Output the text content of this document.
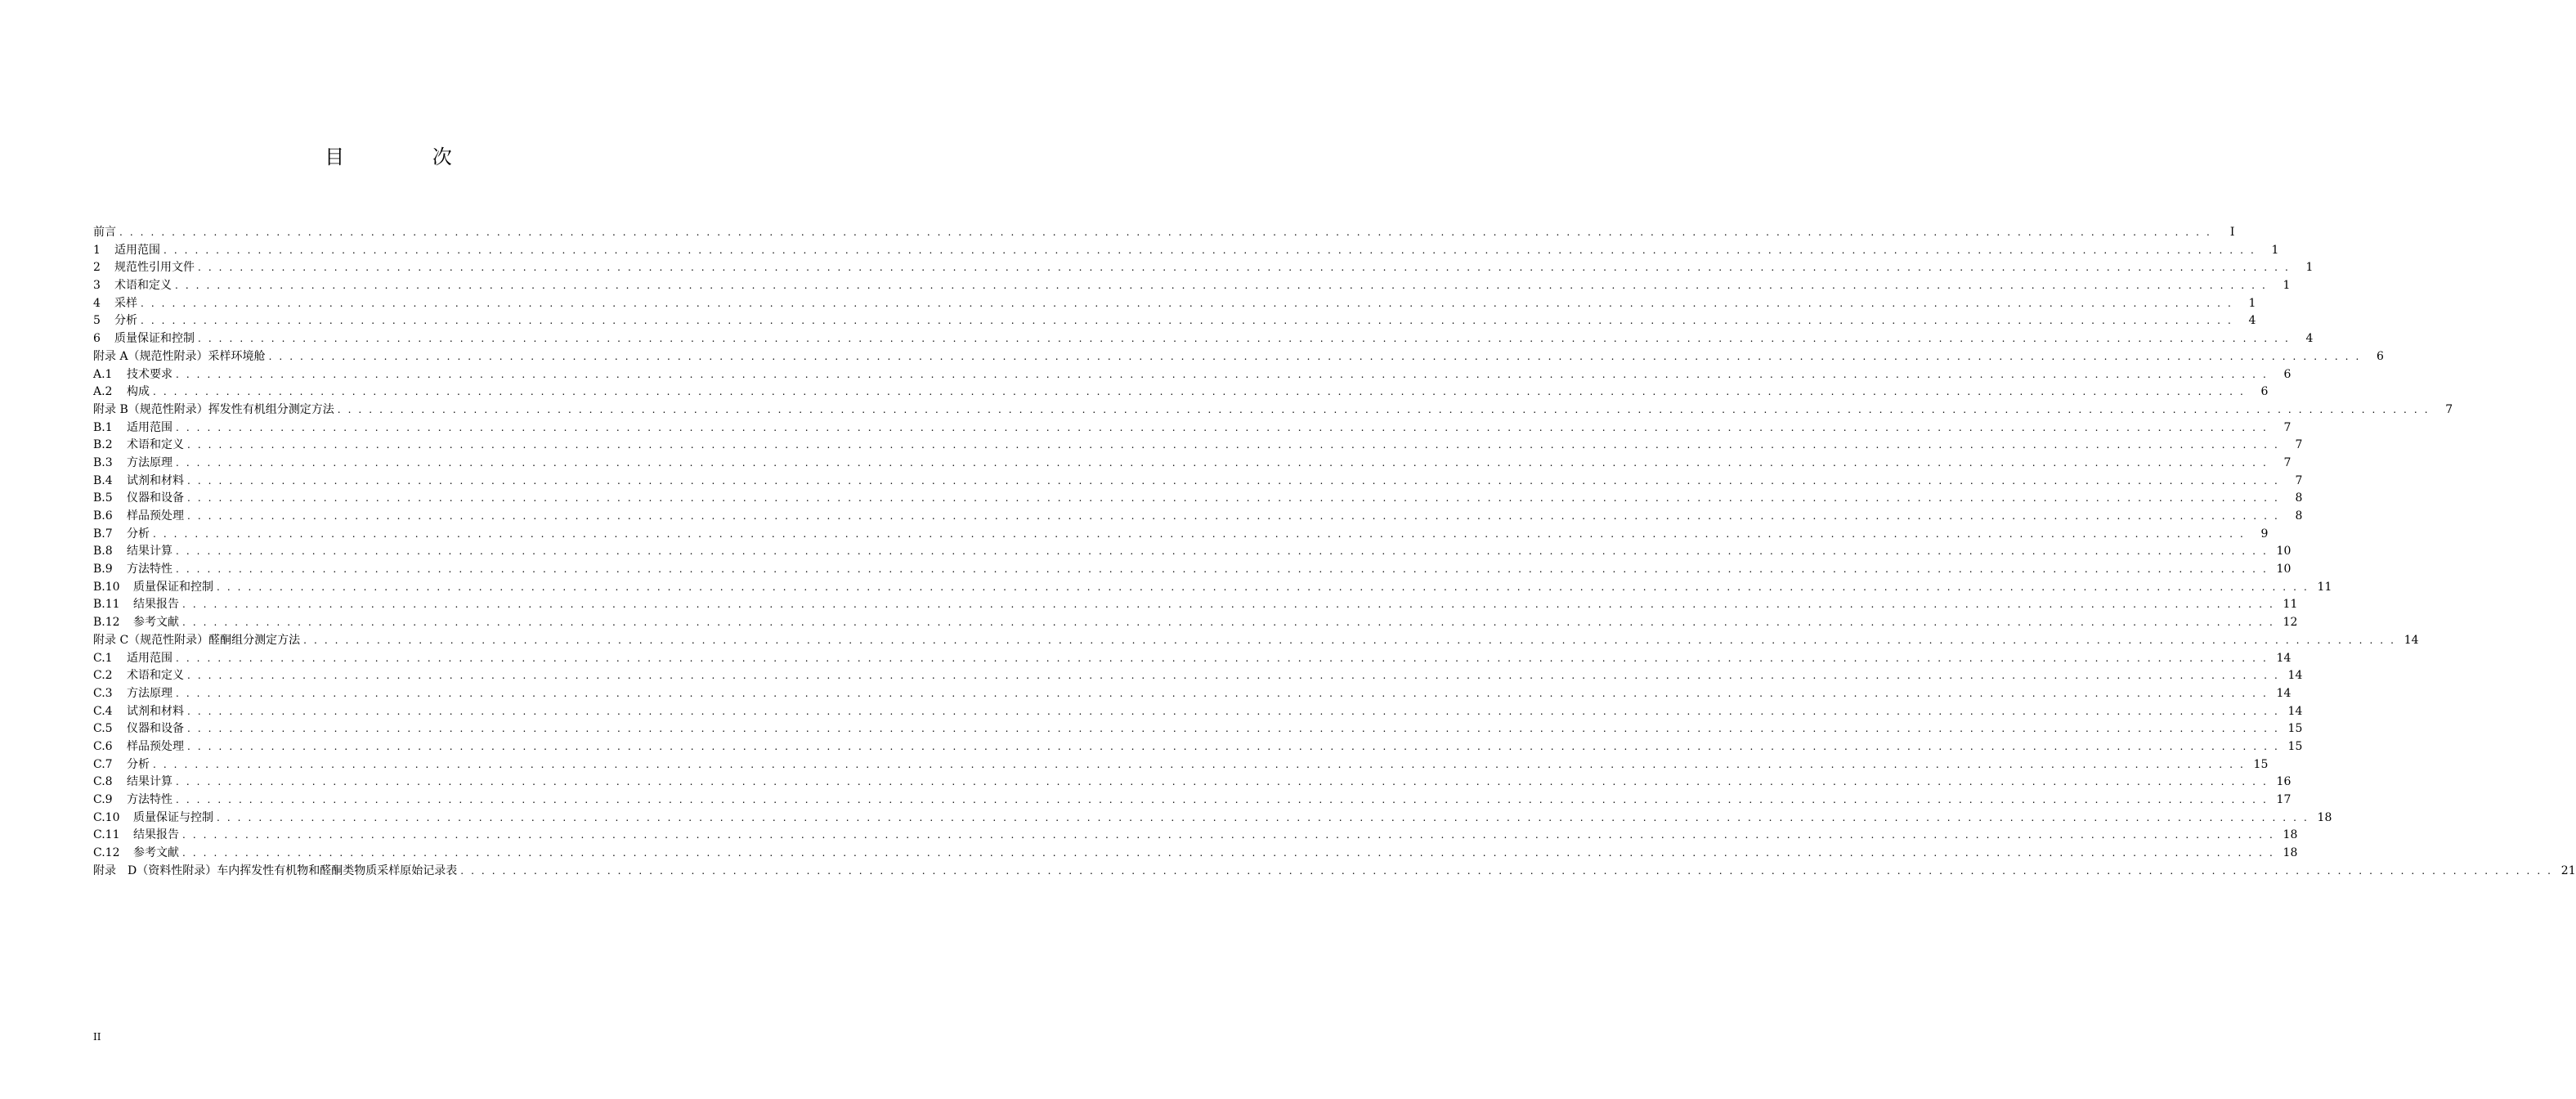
目 次
前言 . . . . . . . . . . . . . . . . . . . . . . . . . . . . . . . . . . . . . . . . . . . . . . . . . . . . . . . . . . . . . . . . . . . . . . . . . . . . . . . . . . . . . . . . . . . . . . . . . . . . . . . . . . . . . . . . . . . . . . . . . . . . . . . . . . . . . . . . . . . . . . . . . . . . . . . . . . . . . . . . . . . . . . . . . . . . . . . . . . . . . . . . . . . . . . . . . . . . . . . .	I
1	适用范围 . . . . . . . . . . . . . . . . . . . . . . . . . . . . . . . . . . . . . . . . . . . . . . . . . . . . . . . . . . . . . . . . . . . . . . . . . . . . . . . . . . . . . . . . . . . . . . . . . . . . . . . . . . . . . . . . . . . . . . . . . . . . . . . . . . . . . . . . . . . . . . . . . . . . . . . . . . . . . . . . . . . . . . . . . . . . . . . . . . . . . . . . . . . . . . . . . . . . . . . .	1
2	规范性引用文件 . . . . . . . . . . . . . . . . . . . . . . . . . . . . . . . . . . . . . . . . . . . . . . . . . . . . . . . . . . . . . . . . . . . . . . . . . . . . . . . . . . . . . . . . . . . . . . . . . . . . . . . . . . . . . . . . . . . . . . . . . . . . . . . . . . . . . . . . . . . . . . . . . . . . . . . . . . . . . . . . . . . . . . . . . . . . . . . . . . . . . . . . . . . . . . . . . . . . . . . .	1
3	术语和定义 . . . . . . . . . . . . . . . . . . . . . . . . . . . . . . . . . . . . . . . . . . . . . . . . . . . . . . . . . . . . . . . . . . . . . . . . . . . . . . . . . . . . . . . . . . . . . . . . . . . . . . . . . . . . . . . . . . . . . . . . . . . . . . . . . . . . . . . . . . . . . . . . . . . . . . . . . . . . . . . . . . . . . . . . . . . . . . . . . . . . . . . . . . . . . . . . . . . . . . . .	1
4	采样 . . . . . . . . . . . . . . . . . . . . . . . . . . . . . . . . . . . . . . . . . . . . . . . . . . . . . . . . . . . . . . . . . . . . . . . . . . . . . . . . . . . . . . . . . . . . . . . . . . . . . . . . . . . . . . . . . . . . . . . . . . . . . . . . . . . . . . . . . . . . . . . . . . . . . . . . . . . . . . . . . . . . . . . . . . . . . . . . . . . . . . . . . . . . . . . . . . . . . . . .	1
5	分析 . . . . . . . . . . . . . . . . . . . . . . . . . . . . . . . . . . . . . . . . . . . . . . . . . . . . . . . . . . . . . . . . . . . . . . . . . . . . . . . . . . . . . . . . . . . . . . . . . . . . . . . . . . . . . . . . . . . . . . . . . . . . . . . . . . . . . . . . . . . . . . . . . . . . . . . . . . . . . . . . . . . . . . . . . . . . . . . . . . . . . . . . . . . . . . . . . . . . . . . .	4
6	质量保证和控制 . . . . . . . . . . . . . . . . . . . . . . . . . . . . . . . . . . . . . . . . . . . . . . . . . . . . . . . . . . . . . . . . . . . . . . . . . . . . . . . . . . . . . . . . . . . . . . . . . . . . . . . . . . . . . . . . . . . . . . . . . . . . . . . . . . . . . . . . . . . . . . . . . . . . . . . . . . . . . . . . . . . . . . . . . . . . . . . . . . . . . . . . . . . . . . . . . . . . . . . .	4
附录 A（规范性附录）采样环境舱 . . . . . . . . . . . . . . . . . . . . . . . . . . . . . . . . . . . . . . . . . . . . . . . . . . . . . . . . . . . . . . . . . . . . . . . . . . . . . . . . . . . . . . . . . . . . . . . . . . . . . . . . . . . . . . . . . . . . . . . . . . . . . . . . . . . . . . . . . . . . . . . . . . . . . . . . . . . . . . . . . . . . . . . . . . . . . . . . . . . . . . . . . . . . . . . . . . . . . . . .	6
A.1	技术要求 . . . . . . . . . . . . . . . . . . . . . . . . . . . . . . . . . . . . . . . . . . . . . . . . . . . . . . . . . . . . . . . . . . . . . . . . . . . . . . . . . . . . . . . . . . . . . . . . . . . . . . . . . . . . . . . . . . . . . . . . . . . . . . . . . . . . . . . . . . . . . . . . . . . . . . . . . . . . . . . . . . . . . . . . . . . . . . . . . . . . . . . . . . . . . . . . . . . . . . . .	6
A.2	构成 . . . . . . . . . . . . . . . . . . . . . . . . . . . . . . . . . . . . . . . . . . . . . . . . . . . . . . . . . . . . . . . . . . . . . . . . . . . . . . . . . . . . . . . . . . . . . . . . . . . . . . . . . . . . . . . . . . . . . . . . . . . . . . . . . . . . . . . . . . . . . . . . . . . . . . . . . . . . . . . . . . . . . . . . . . . . . . . . . . . . . . . . . . . . . . . . . . . . . . . .	6
附录 B（规范性附录）挥发性有机组分测定方法 . . . . . . . . . . . . . . . . . . . . . . . . . . . . . . . . . . . . . . . . . . . . . . . . . . . . . . . . . . . . . . . . . . . . . . . . . . . . . . . . . . . . . . . . . . . . . . . . . . . . . . . . . . . . . . . . . . . . . . . . . . . . . . . . . . . . . . . . . . . . . . . . . . . . . . . . . . . . . . . . . . . . . . . . . . . . . . . . . . . . . . . . . . . . . . . . . . . . . . . .	7
B.1	适用范围 . . . . . . . . . . . . . . . . . . . . . . . . . . . . . . . . . . . . . . . . . . . . . . . . . . . . . . . . . . . . . . . . . . . . . . . . . . . . . . . . . . . . . . . . . . . . . . . . . . . . . . . . . . . . . . . . . . . . . . . . . . . . . . . . . . . . . . . . . . . . . . . . . . . . . . . . . . . . . . . . . . . . . . . . . . . . . . . . . . . . . . . . . . . . . . . . . . . . . . . .	7
B.2	术语和定义 . . . . . . . . . . . . . . . . . . . . . . . . . . . . . . . . . . . . . . . . . . . . . . . . . . . . . . . . . . . . . . . . . . . . . . . . . . . . . . . . . . . . . . . . . . . . . . . . . . . . . . . . . . . . . . . . . . . . . . . . . . . . . . . . . . . . . . . . . . . . . . . . . . . . . . . . . . . . . . . . . . . . . . . . . . . . . . . . . . . . . . . . . . . . . . . . . . . . . . . .	7
B.3	方法原理 . . . . . . . . . . . . . . . . . . . . . . . . . . . . . . . . . . . . . . . . . . . . . . . . . . . . . . . . . . . . . . . . . . . . . . . . . . . . . . . . . . . . . . . . . . . . . . . . . . . . . . . . . . . . . . . . . . . . . . . . . . . . . . . . . . . . . . . . . . . . . . . . . . . . . . . . . . . . . . . . . . . . . . . . . . . . . . . . . . . . . . . . . . . . . . . . . . . . . . . .	7
B.4	试剂和材料 . . . . . . . . . . . . . . . . . . . . . . . . . . . . . . . . . . . . . . . . . . . . . . . . . . . . . . . . . . . . . . . . . . . . . . . . . . . . . . . . . . . . . . . . . . . . . . . . . . . . . . . . . . . . . . . . . . . . . . . . . . . . . . . . . . . . . . . . . . . . . . . . . . . . . . . . . . . . . . . . . . . . . . . . . . . . . . . . . . . . . . . . . . . . . . . . . . . . . . . .	7
B.5	仪器和设备 . . . . . . . . . . . . . . . . . . . . . . . . . . . . . . . . . . . . . . . . . . . . . . . . . . . . . . . . . . . . . . . . . . . . . . . . . . . . . . . . . . . . . . . . . . . . . . . . . . . . . . . . . . . . . . . . . . . . . . . . . . . . . . . . . . . . . . . . . . . . . . . . . . . . . . . . . . . . . . . . . . . . . . . . . . . . . . . . . . . . . . . . . . . . . . . . . . . . . . . .	8
B.6	样品预处理 . . . . . . . . . . . . . . . . . . . . . . . . . . . . . . . . . . . . . . . . . . . . . . . . . . . . . . . . . . . . . . . . . . . . . . . . . . . . . . . . . . . . . . . . . . . . . . . . . . . . . . . . . . . . . . . . . . . . . . . . . . . . . . . . . . . . . . . . . . . . . . . . . . . . . . . . . . . . . . . . . . . . . . . . . . . . . . . . . . . . . . . . . . . . . . . . . . . . . . . .	8
B.7	分析 . . . . . . . . . . . . . . . . . . . . . . . . . . . . . . . . . . . . . . . . . . . . . . . . . . . . . . . . . . . . . . . . . . . . . . . . . . . . . . . . . . . . . . . . . . . . . . . . . . . . . . . . . . . . . . . . . . . . . . . . . . . . . . . . . . . . . . . . . . . . . . . . . . . . . . . . . . . . . . . . . . . . . . . . . . . . . . . . . . . . . . . . . . . . . . . . . . . . . . . .	9
B.8	结果计算 . . . . . . . . . . . . . . . . . . . . . . . . . . . . . . . . . . . . . . . . . . . . . . . . . . . . . . . . . . . . . . . . . . . . . . . . . . . . . . . . . . . . . . . . . . . . . . . . . . . . . . . . . . . . . . . . . . . . . . . . . . . . . . . . . . . . . . . . . . . . . . . . . . . . . . . . . . . . . . . . . . . . . . . . . . . . . . . . . . . . . . . . . . . . . . . . . . . . . . . . 10
B.9	方法特性 . . . . . . . . . . . . . . . . . . . . . . . . . . . . . . . . . . . . . . . . . . . . . . . . . . . . . . . . . . . . . . . . . . . . . . . . . . . . . . . . . . . . . . . . . . . . . . . . . . . . . . . . . . . . . . . . . . . . . . . . . . . . . . . . . . . . . . . . . . . . . . . . . . . . . . . . . . . . . . . . . . . . . . . . . . . . . . . . . . . . . . . . . . . . . . . . . . . . . . . . 10
B.10	质量保证和控制 . . . . . . . . . . . . . . . . . . . . . . . . . . . . . . . . . . . . . . . . . . . . . . . . . . . . . . . . . . . . . . . . . . . . . . . . . . . . . . . . . . . . . . . . . . . . . . . . . . . . . . . . . . . . . . . . . . . . . . . . . . . . . . . . . . . . . . . . . . . . . . . . . . . . . . . . . . . . . . . . . . . . . . . . . . . . . . . . . . . . . . . . . . . . . . . . . . . . . . . . 11
B.11	结果报告 . . . . . . . . . . . . . . . . . . . . . . . . . . . . . . . . . . . . . . . . . . . . . . . . . . . . . . . . . . . . . . . . . . . . . . . . . . . . . . . . . . . . . . . . . . . . . . . . . . . . . . . . . . . . . . . . . . . . . . . . . . . . . . . . . . . . . . . . . . . . . . . . . . . . . . . . . . . . . . . . . . . . . . . . . . . . . . . . . . . . . . . . . . . . . . . . . . . . . . . . 11
B.12	参考文献 . . . . . . . . . . . . . . . . . . . . . . . . . . . . . . . . . . . . . . . . . . . . . . . . . . . . . . . . . . . . . . . . . . . . . . . . . . . . . . . . . . . . . . . . . . . . . . . . . . . . . . . . . . . . . . . . . . . . . . . . . . . . . . . . . . . . . . . . . . . . . . . . . . . . . . . . . . . . . . . . . . . . . . . . . . . . . . . . . . . . . . . . . . . . . . . . . . . . . . . . 12
附录 C（规范性附录）醛酮组分测定方法 . . . . . . . . . . . . . . . . . . . . . . . . . . . . . . . . . . . . . . . . . . . . . . . . . . . . . . . . . . . . . . . . . . . . . . . . . . . . . . . . . . . . . . . . . . . . . . . . . . . . . . . . . . . . . . . . . . . . . . . . . . . . . . . . . . . . . . . . . . . . . . . . . . . . . . . . . . . . . . . . . . . . . . . . . . . . . . . . . . . . . . . . . . . . . . . . . . . . . . . . 14
C.1	适用范围 . . . . . . . . . . . . . . . . . . . . . . . . . . . . . . . . . . . . . . . . . . . . . . . . . . . . . . . . . . . . . . . . . . . . . . . . . . . . . . . . . . . . . . . . . . . . . . . . . . . . . . . . . . . . . . . . . . . . . . . . . . . . . . . . . . . . . . . . . . . . . . . . . . . . . . . . . . . . . . . . . . . . . . . . . . . . . . . . . . . . . . . . . . . . . . . . . . . . . . . . 14
C.2	术语和定义 . . . . . . . . . . . . . . . . . . . . . . . . . . . . . . . . . . . . . . . . . . . . . . . . . . . . . . . . . . . . . . . . . . . . . . . . . . . . . . . . . . . . . . . . . . . . . . . . . . . . . . . . . . . . . . . . . . . . . . . . . . . . . . . . . . . . . . . . . . . . . . . . . . . . . . . . . . . . . . . . . . . . . . . . . . . . . . . . . . . . . . . . . . . . . . . . . . . . . . . . 14
C.3	方法原理 . . . . . . . . . . . . . . . . . . . . . . . . . . . . . . . . . . . . . . . . . . . . . . . . . . . . . . . . . . . . . . . . . . . . . . . . . . . . . . . . . . . . . . . . . . . . . . . . . . . . . . . . . . . . . . . . . . . . . . . . . . . . . . . . . . . . . . . . . . . . . . . . . . . . . . . . . . . . . . . . . . . . . . . . . . . . . . . . . . . . . . . . . . . . . . . . . . . . . . . . 14
C.4	试剂和材料 . . . . . . . . . . . . . . . . . . . . . . . . . . . . . . . . . . . . . . . . . . . . . . . . . . . . . . . . . . . . . . . . . . . . . . . . . . . . . . . . . . . . . . . . . . . . . . . . . . . . . . . . . . . . . . . . . . . . . . . . . . . . . . . . . . . . . . . . . . . . . . . . . . . . . . . . . . . . . . . . . . . . . . . . . . . . . . . . . . . . . . . . . . . . . . . . . . . . . . . . 14
C.5	仪器和设备 . . . . . . . . . . . . . . . . . . . . . . . . . . . . . . . . . . . . . . . . . . . . . . . . . . . . . . . . . . . . . . . . . . . . . . . . . . . . . . . . . . . . . . . . . . . . . . . . . . . . . . . . . . . . . . . . . . . . . . . . . . . . . . . . . . . . . . . . . . . . . . . . . . . . . . . . . . . . . . . . . . . . . . . . . . . . . . . . . . . . . . . . . . . . . . . . . . . . . . . . 15
C.6	样品预处理 . . . . . . . . . . . . . . . . . . . . . . . . . . . . . . . . . . . . . . . . . . . . . . . . . . . . . . . . . . . . . . . . . . . . . . . . . . . . . . . . . . . . . . . . . . . . . . . . . . . . . . . . . . . . . . . . . . . . . . . . . . . . . . . . . . . . . . . . . . . . . . . . . . . . . . . . . . . . . . . . . . . . . . . . . . . . . . . . . . . . . . . . . . . . . . . . . . . . . . . . 15
C.7	分析 . . . . . . . . . . . . . . . . . . . . . . . . . . . . . . . . . . . . . . . . . . . . . . . . . . . . . . . . . . . . . . . . . . . . . . . . . . . . . . . . . . . . . . . . . . . . . . . . . . . . . . . . . . . . . . . . . . . . . . . . . . . . . . . . . . . . . . . . . . . . . . . . . . . . . . . . . . . . . . . . . . . . . . . . . . . . . . . . . . . . . . . . . . . . . . . . . . . . . . . . 15
C.8	结果计算 . . . . . . . . . . . . . . . . . . . . . . . . . . . . . . . . . . . . . . . . . . . . . . . . . . . . . . . . . . . . . . . . . . . . . . . . . . . . . . . . . . . . . . . . . . . . . . . . . . . . . . . . . . . . . . . . . . . . . . . . . . . . . . . . . . . . . . . . . . . . . . . . . . . . . . . . . . . . . . . . . . . . . . . . . . . . . . . . . . . . . . . . . . . . . . . . . . . . . . . . 16
C.9	方法特性 . . . . . . . . . . . . . . . . . . . . . . . . . . . . . . . . . . . . . . . . . . . . . . . . . . . . . . . . . . . . . . . . . . . . . . . . . . . . . . . . . . . . . . . . . . . . . . . . . . . . . . . . . . . . . . . . . . . . . . . . . . . . . . . . . . . . . . . . . . . . . . . . . . . . . . . . . . . . . . . . . . . . . . . . . . . . . . . . . . . . . . . . . . . . . . . . . . . . . . . . 17
C.10	质量保证与控制 . . . . . . . . . . . . . . . . . . . . . . . . . . . . . . . . . . . . . . . . . . . . . . . . . . . . . . . . . . . . . . . . . . . . . . . . . . . . . . . . . . . . . . . . . . . . . . . . . . . . . . . . . . . . . . . . . . . . . . . . . . . . . . . . . . . . . . . . . . . . . . . . . . . . . . . . . . . . . . . . . . . . . . . . . . . . . . . . . . . . . . . . . . . . . . . . . . . . . . . . 18
C.11	结果报告 . . . . . . . . . . . . . . . . . . . . . . . . . . . . . . . . . . . . . . . . . . . . . . . . . . . . . . . . . . . . . . . . . . . . . . . . . . . . . . . . . . . . . . . . . . . . . . . . . . . . . . . . . . . . . . . . . . . . . . . . . . . . . . . . . . . . . . . . . . . . . . . . . . . . . . . . . . . . . . . . . . . . . . . . . . . . . . . . . . . . . . . . . . . . . . . . . . . . . . . . 18
C.12	参考文献 . . . . . . . . . . . . . . . . . . . . . . . . . . . . . . . . . . . . . . . . . . . . . . . . . . . . . . . . . . . . . . . . . . . . . . . . . . . . . . . . . . . . . . . . . . . . . . . . . . . . . . . . . . . . . . . . . . . . . . . . . . . . . . . . . . . . . . . . . . . . . . . . . . . . . . . . . . . . . . . . . . . . . . . . . . . . . . . . . . . . . . . . . . . . . . . . . . . . . . . . 18
附录　D（资料性附录）车内挥发性有机物和醛酮类物质采样原始记录表 . . . . . . . . . . . . . . . . . . . . . . . . . . . . . . . . . . . . . . . . . . . . . . . . . . . . . . . . . . . . . . . . . . . . . . . . . . . . . . . . . . . . . . . . . . . . . . . . . . . . . . . . . . . . . . . . . . . . . . . . . . . . . . . . . . . . . . . . . . . . . . . . . . . . . . . . . . . . . . . . . . . . . . . . . . . . . . . . . . . . . . . . . . . . . . . . . . . . . . . . 21
II
